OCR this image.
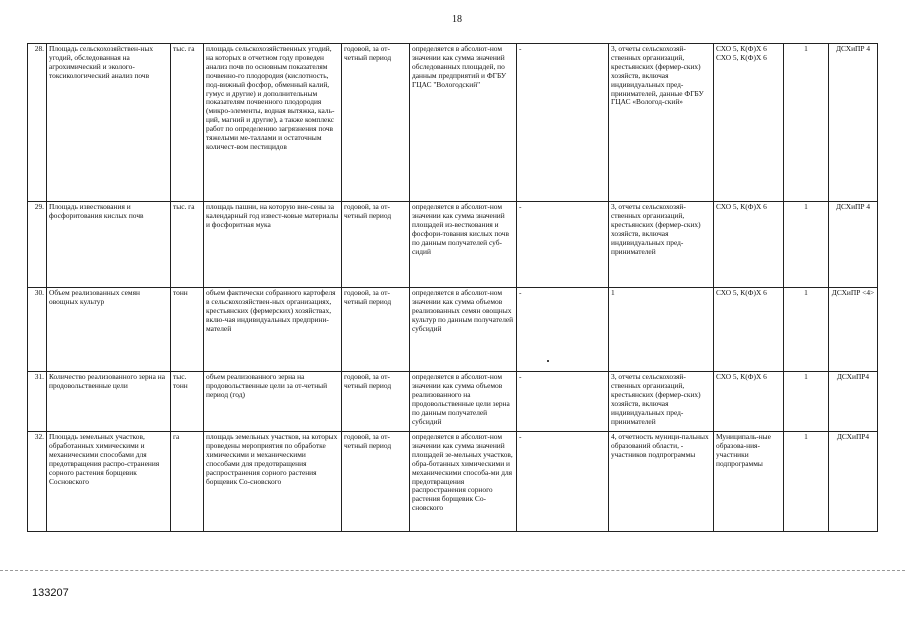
18
28.	Площадь сельскохозяйствен-ных угодий, обследованная на агрохимический и эколого-токсикологический анализ почв	тыс. га	площадь сельскохозяйственных угодий, на которых в отчетном году проведен анализ почв по основным показателям почвенно-го плодородия (кислотность, под-вижный фосфор, обменный калий, гумус и другие) и дополнительным показателям почвенного плодородия (микро-элементы, водная вытяжка, каль-ций, магний и другие), а также комплекс работ по определению загрязнения почв тяжелыми ме-таллами и остаточным количест-вом пестицидов	годовой, за от-четный период	определяется в абсолют-ном значении как сумма значений обследованных площадей, по данным предприятий и ФГБУ ГЦАС "Вологодский"	-	3, отчеты сельскохозяй-ственных организаций, крестьянских (фермер-ских) хозяйств, включая индивидуальных пред-принимателей, данные ФГБУ ГЦАС «Вологод-ский»	СХО 5, К(Ф)Х 6 СХО 5, К(Ф)Х 6	1	ДСХиПР 4
29.	Площадь известкования и фосфоритования кислых почв	тыс. га	площадь пашни, на которую вне-сены за календарный год извест-ковые материалы и фосфоритная мука	годовой, за от-четный период	определяется в абсолют-ном значении как сумма значений площадей из-весткования и фосфори-тования кислых почв по данным получателей суб-сидий	-	3, отчеты сельскохозяй-ственных организаций, крестьянских (фермер-ских) хозяйств, включая индивидуальных пред-принимателей	СХО 5, К(Ф)Х 6	1	ДСХиПР 4
30.	Объем реализованных семян овощных культур	тонн	объем фактически собранного картофеля в сельскохозяйствен-ных организациях, крестьянских (фермерских) хозяйствах, вклю-чая индивидуальных предприни-мателей	годовой, за от-четный период	определяется в абсолют-ном значении как сумма объемов реализованных семян овощных культур по данным получателей субсидий	-	1	СХО 5, К(Ф)Х 6	1	ДСХиПР <4>
31.	Количество реализованного зерна на продовольственные цели	тыс. тонн	объем реализованного зерна на продовольственные цели за от-четный период (год)	годовой, за от-четный период	определяется в абсолют-ном значении как сумма объемов реализованного на продовольственные цели зерна по данным получателей субсидий	-	3, отчеты сельскохозяй-ственных организаций, крестьянских (фермер-ских) хозяйств, включая индивидуальных пред-принимателей	СХО 5, К(Ф)Х 6	1	ДСХиПР4
32.	Площадь земельных участков, обработанных химическими и механическими способами для предотвращения распро-странения сорного растения борщевик Сосновского	га	площадь земельных участков, на которых проведены мероприятия по обработке химическими и механическими способами для предотвращения распространения сорного растения борщевик Со-сновского	годовой, за от-четный период	определяется в абсолют-ном значении как сумма значений площадей зе-мельных участков, обра-ботанных химическими и механическими способа-ми для предотвращения распространения сорного растения борщевик Со-сновского	-	4, отчетность муници-пальных образований области, - участников подпрограммы	Муниципаль-ные образова-ния- участники подпрограммы	1	ДСХиПР4
133207
